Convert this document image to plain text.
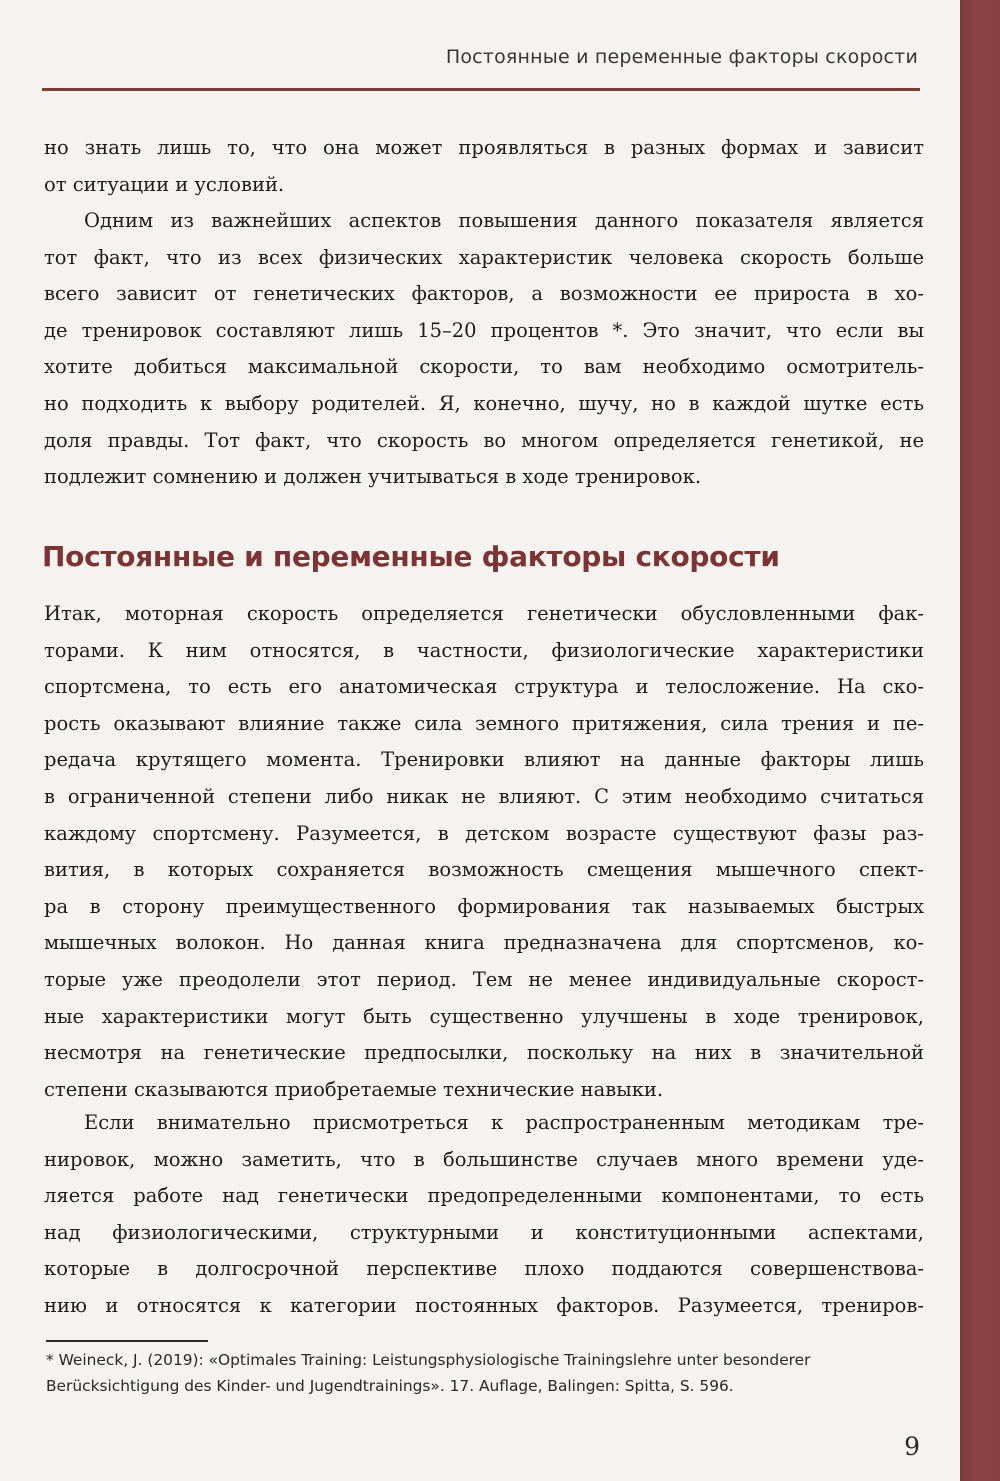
Постоянные и переменные факторы скорости
но знать лишь то, что она может проявляться в разных формах и зависит
от ситуации и условий.
Одним из важнейших аспектов повышения данного показателя является
тот факт, что из всех физических характеристик человека скорость больше
всего зависит от генетических факторов, а возможности ее прироста в хо-
де тренировок составляют лишь 15–20 процентов *. Это значит, что если вы
хотите добиться максимальной скорости, то вам необходимо осмотритель-
но подходить к выбору родителей. Я, конечно, шучу, но в каждой шутке есть
доля правды. Тот факт, что скорость во многом определяется генетикой, не
подлежит сомнению и должен учитываться в ходе тренировок.
Постоянные и переменные факторы скорости
Итак, моторная скорость определяется генетически обусловленными фак-
торами. К ним относятся, в частности, физиологические характеристики
спортсмена, то есть его анатомическая структура и телосложение. На ско-
рость оказывают влияние также сила земного притяжения, сила трения и пе-
редача крутящего момента. Тренировки влияют на данные факторы лишь
в ограниченной степени либо никак не влияют. С этим необходимо считаться
каждому спортсмену. Разумеется, в детском возрасте существуют фазы раз-
вития, в которых сохраняется возможность смещения мышечного спект-
ра в сторону преимущественного формирования так называемых быстрых
мышечных волокон. Но данная книга предназначена для спортсменов, ко-
торые уже преодолели этот период. Тем не менее индивидуальные скорост-
ные характеристики могут быть существенно улучшены в ходе тренировок,
несмотря на генетические предпосылки, поскольку на них в значительной
степени сказываются приобретаемые технические навыки.
Если внимательно присмотреться к распространенным методикам тре-
нировок, можно заметить, что в большинстве случаев много времени уде-
ляется работе над генетически предопределенными компонентами, то есть
над физиологическими, структурными и конституционными аспектами,
которые в долгосрочной перспективе плохо поддаются совершенствова-
нию и относятся к категории постоянных факторов. Разумеется, трениров-
* Weineck, J. (2019): «Optimales Training: Leistungsphysiologische Trainingslehre unter besonderer
Berücksichtigung des Kinder- und Jugendtrainings». 17. Auflage, Balingen: Spitta, S. 596.
9
